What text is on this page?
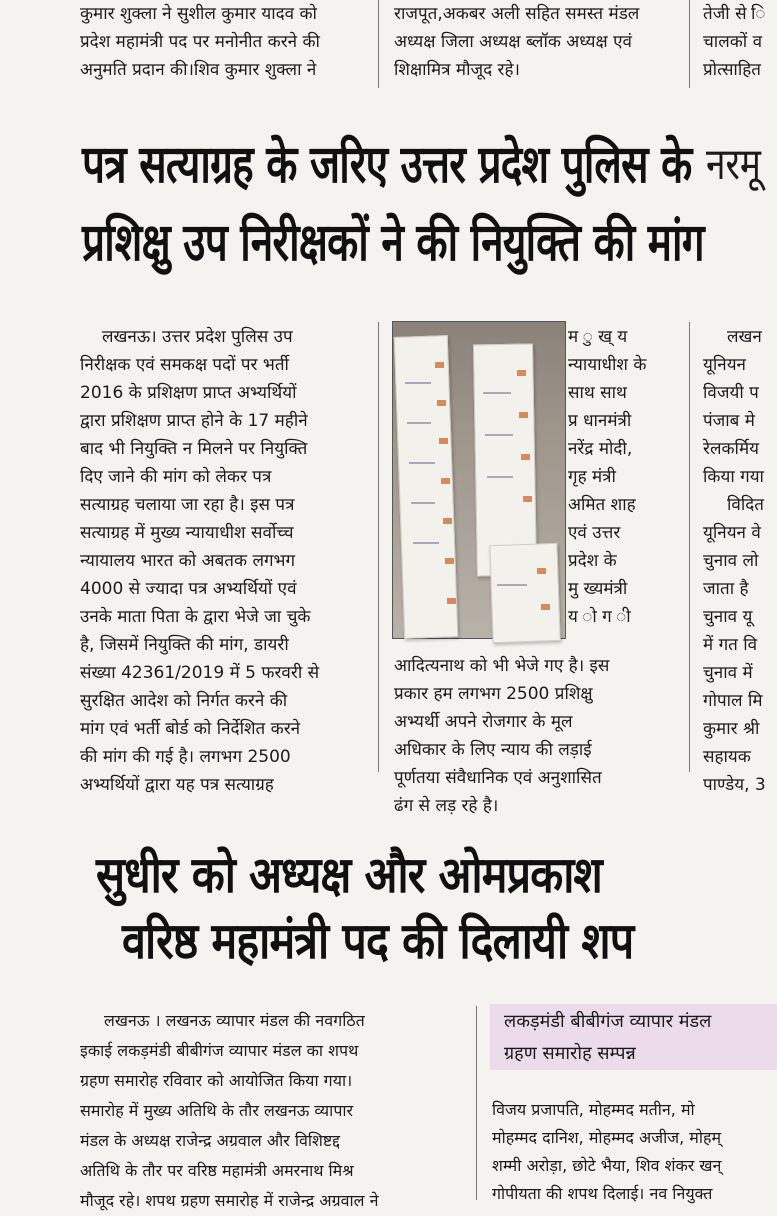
कुमार शुक्ला ने सुशील कुमार यादव को
प्रदेश महामंत्री पद पर मनोनीत करने की
अनुमति प्रदान की।शिव कुमार शुक्ला ने
राजपूत,अकबर अली सहित समस्त मंडल
अध्यक्ष जिला अध्यक्ष ब्लॉक अध्यक्ष एवं
शिक्षामित्र मौजूद रहे।
तेजी से ि
चालकों व
प्रोत्साहित
पत्र सत्याग्रह के जरिए उत्तर प्रदेश पुलिस के
प्रशिक्षु उप निरीक्षकों ने की नियुक्ति की मांग
नरमू
लखनऊ। उत्तर प्रदेश पुलिस उप
निरीक्षक एवं समकक्ष पदों पर भर्ती
2016 के प्रशिक्षण प्राप्त अभ्यर्थियों
द्वारा प्रशिक्षण प्राप्त होने के 17 महीने
बाद भी नियुक्ति न मिलने पर नियुक्ति
दिए जाने की मांग को लेकर पत्र
सत्याग्रह चलाया जा रहा है। इस पत्र
सत्याग्रह में मुख्य न्यायाधीश सर्वोच्च
न्यायालय भारत को अबतक लगभग
4000 से ज्यादा पत्र अभ्यर्थियों एवं
उनके माता पिता के द्वारा भेजे जा चुके
है, जिसमें नियुक्ति की मांग, डायरी
संख्या 42361/2019 में 5 फरवरी से
सुरक्षित आदेश को निर्गत करने की
मांग एवं भर्ती बोर्ड को निर्देशित करने
की मांग की गई है। लगभग 2500
अभ्यर्थियों द्वारा यह पत्र सत्याग्रह
म ु ख् य
न्यायाधीश के
साथ साथ
प्र धानमंत्री
नरेंद्र मोदी,
गृह मंत्री
अमित शाह
एवं उत्तर
प्रदेश के
मु ख्यमंत्री
य ो ग ी
आदित्यनाथ को भी भेजे गए है। इस
प्रकार हम लगभग 2500 प्रशिक्षु
अभ्यर्थी अपने रोजगार के मूल
अधिकार के लिए न्याय की लड़ाई
पूर्णतया संवैधानिक एवं अनुशासित
ढंग से लड़ रहे है।
लखन
यूनियन
विजयी प
पंजाब मे
रेलकर्मिय
किया गया
विदित
यूनियन वे
चुनाव लो
जाता है
चुनाव यू
में गत वि
चुनाव में
गोपाल मि
कुमार श्री
सहायक
पाण्डेय, 3
सुधीर को अध्यक्ष और ओमप्रकाश
वरिष्ठ महामंत्री पद की दिलायी शप
लखनऊ । लखनऊ व्यापार मंडल की नवगठित
इकाई लकड़मंडी बीबीगंज व्यापार मंडल का शपथ
ग्रहण समारोह रविवार को आयोजित किया गया।
समारोह में मुख्य अतिथि के तौर लखनऊ व्यापार
मंडल के अध्यक्ष राजेन्द्र अग्रवाल और विशिष्टद्द
अतिथि के तौर पर वरिष्ठ महामंत्री अमरनाथ मिश्र
मौजूद रहे। शपथ ग्रहण समारोह में राजेन्द्र अग्रवाल ने
लकड़मंडी बीबीगंज व्यापार मंडल
ग्रहण समारोह सम्पन्न
विजय प्रजापति, मोहम्मद मतीन, मो
मोहम्मद दानिश, मोहम्मद अजीज, मोहम्
शम्मी अरोड़ा, छोटे भैया, शिव शंकर खन्
गोपीयता की शपथ दिलाई। नव नियुक्त
